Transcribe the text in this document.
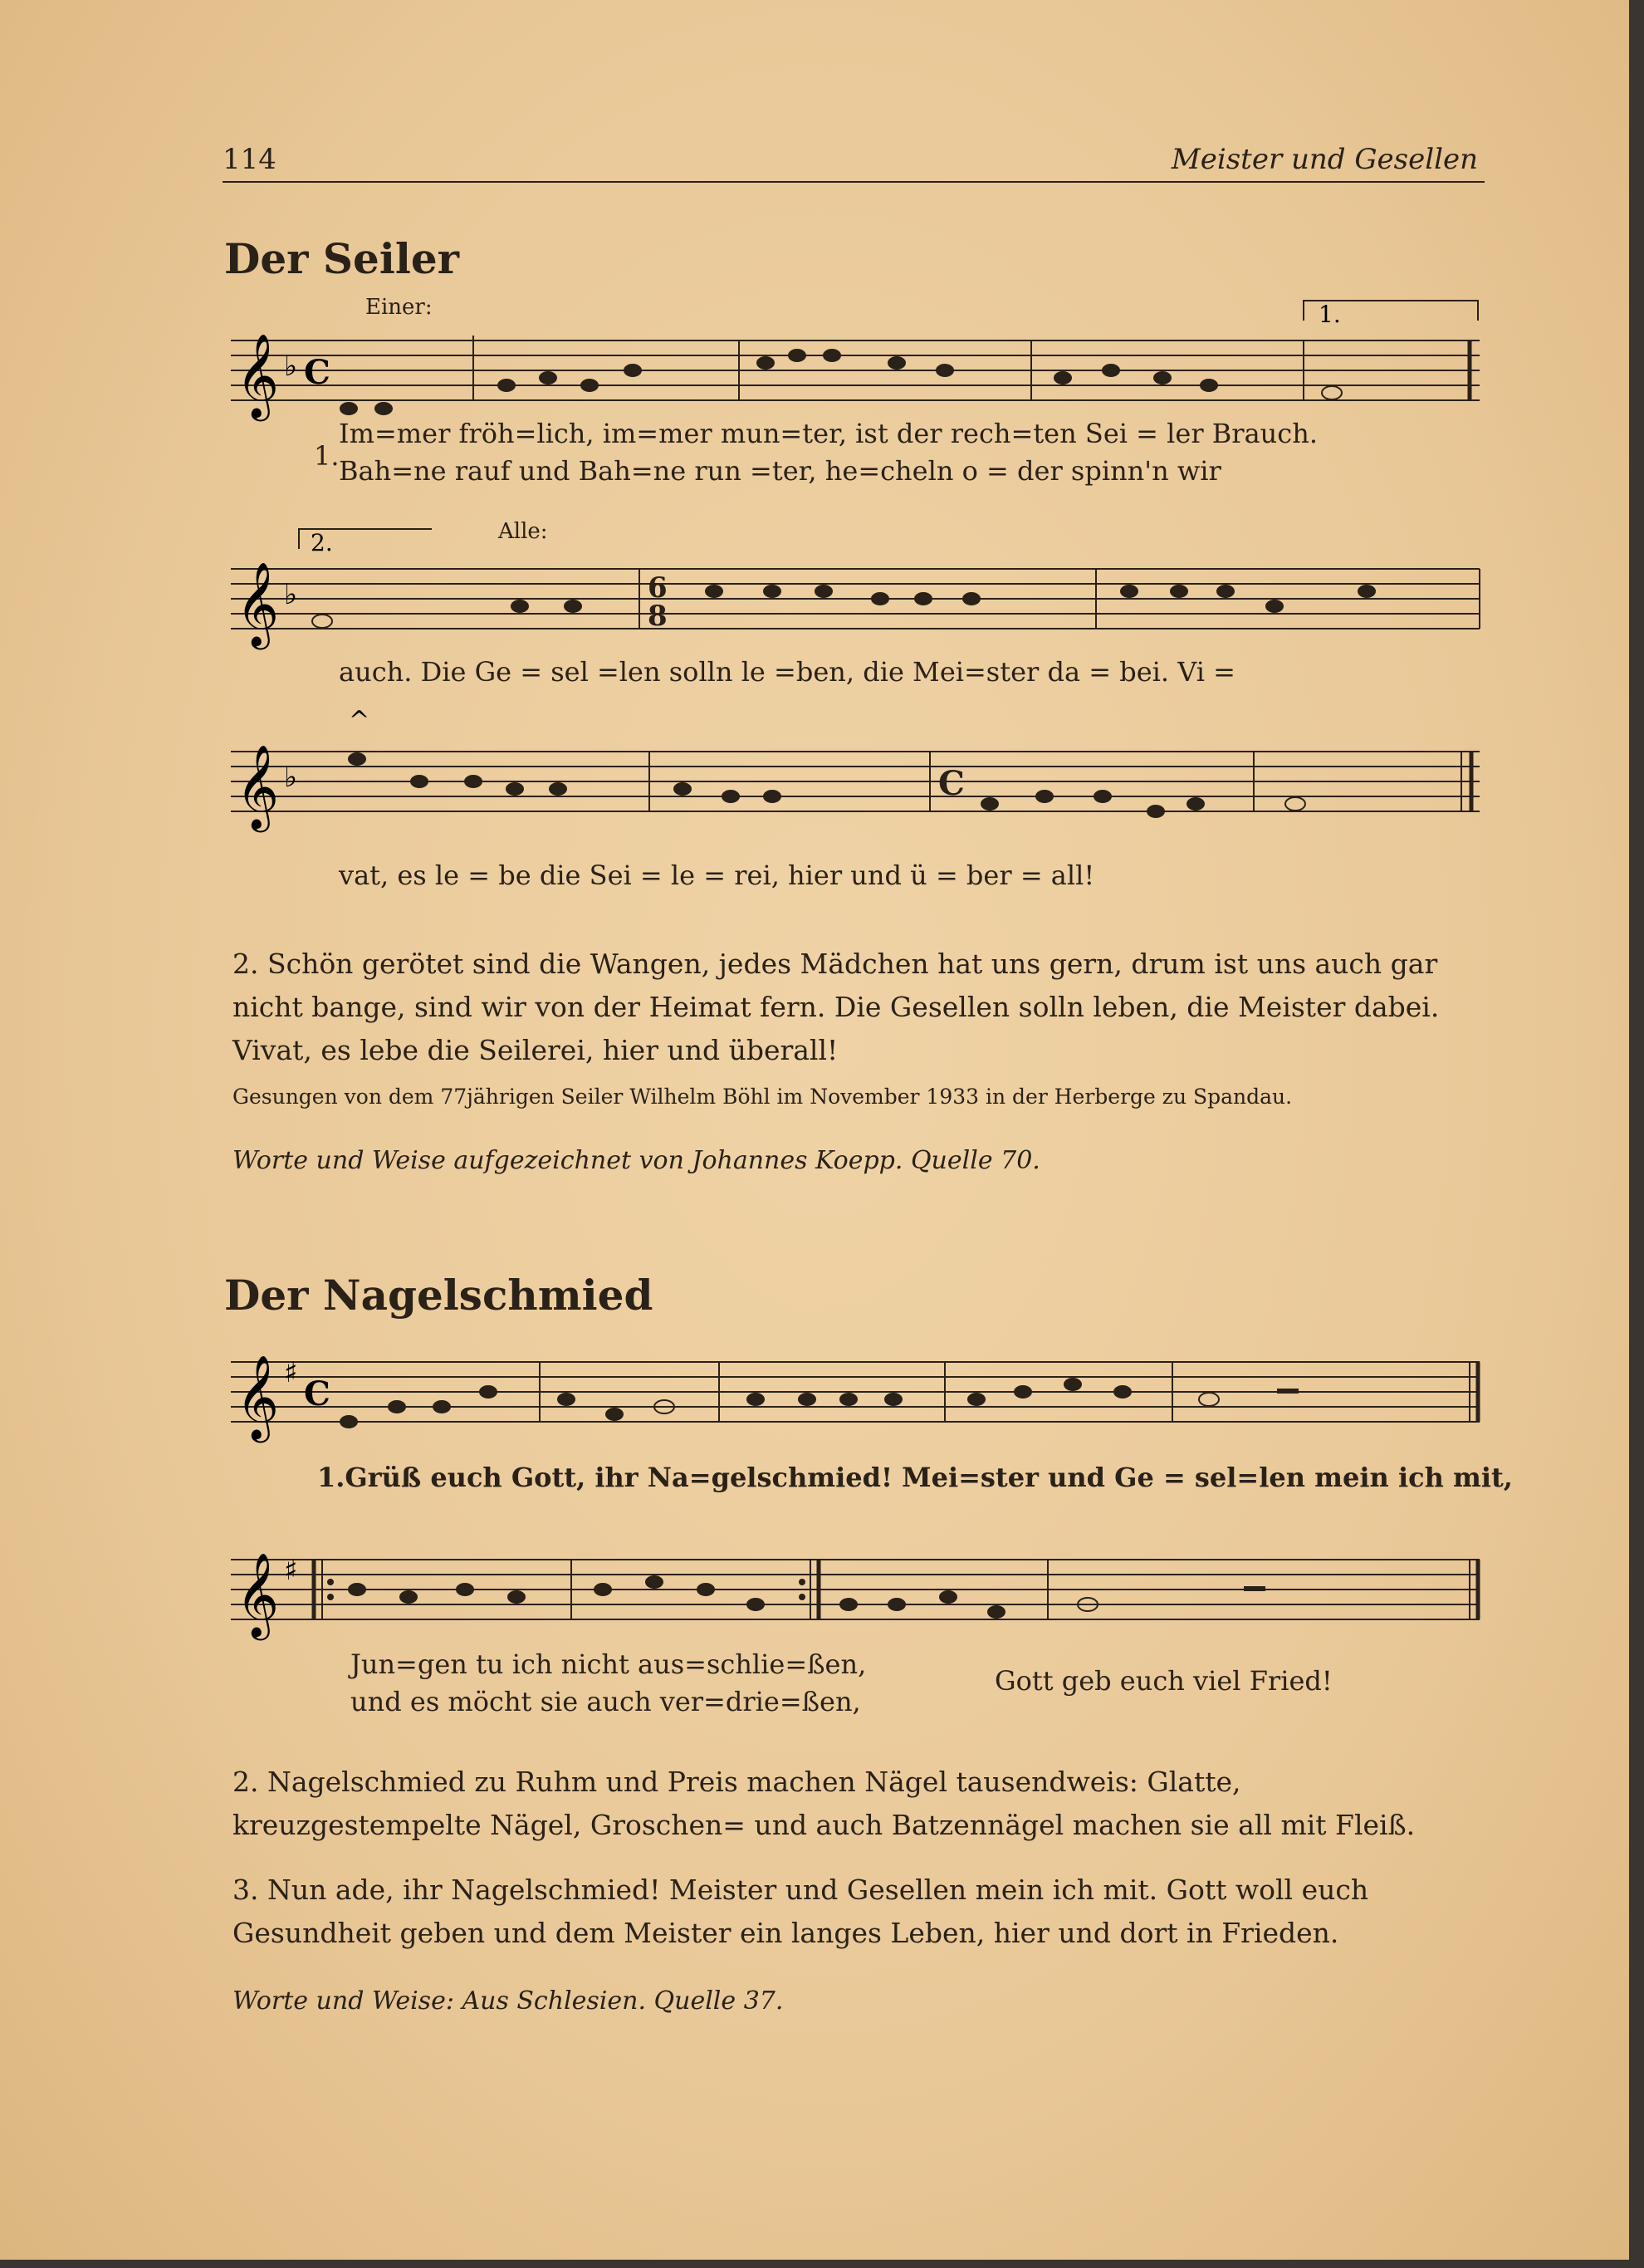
114	Meister und Gesellen
Der Seiler
Einer:
𝄞 ♭ C
1.
1.
Im=mer fröh=lich, im=mer mun=ter, ist der rech=ten Sei = ler Brauch.
Bah=ne rauf und Bah=ne run =ter, he=cheln o = der spinn'n wir
Alle:
𝄞 ♭
2.
6
8
auch. Die Ge = sel =len solln le =ben, die Mei=ster da = bei. Vi =
𝄞 ♭
^
C
vat, es le = be die Sei = le = rei, hier und ü = ber = all!
2. Schön gerötet sind die Wangen, jedes Mädchen hat uns gern, drum ist uns auch gar nicht bange, sind wir von der Heimat fern. Die Gesellen solln leben, die Meister dabei. Vivat, es lebe die Seilerei, hier und überall!
Gesungen von dem 77jährigen Seiler Wilhelm Böhl im November 1933 in der Herberge zu Spandau.
Worte und Weise aufgezeichnet von Johannes Koepp. Quelle 70.
Der Nagelschmied
𝄞 ♯
C
1.Grüß euch Gott, ihr Na=gelschmied! Mei=ster und Ge = sel=len mein ich mit,
𝄞 ♯
Jun=gen tu ich nicht aus=schlie=ßen,
und es möcht sie auch ver=drie=ßen,
Gott geb euch viel Fried!
2. Nagelschmied zu Ruhm und Preis machen Nägel tausendweis: Glatte, kreuzgestempelte Nägel, Groschen= und auch Batzennägel machen sie all mit Fleiß.
3. Nun ade, ihr Nagelschmied! Meister und Gesellen mein ich mit. Gott woll euch Gesundheit geben und dem Meister ein langes Leben, hier und dort in Frieden.
Worte und Weise: Aus Schlesien. Quelle 37.
